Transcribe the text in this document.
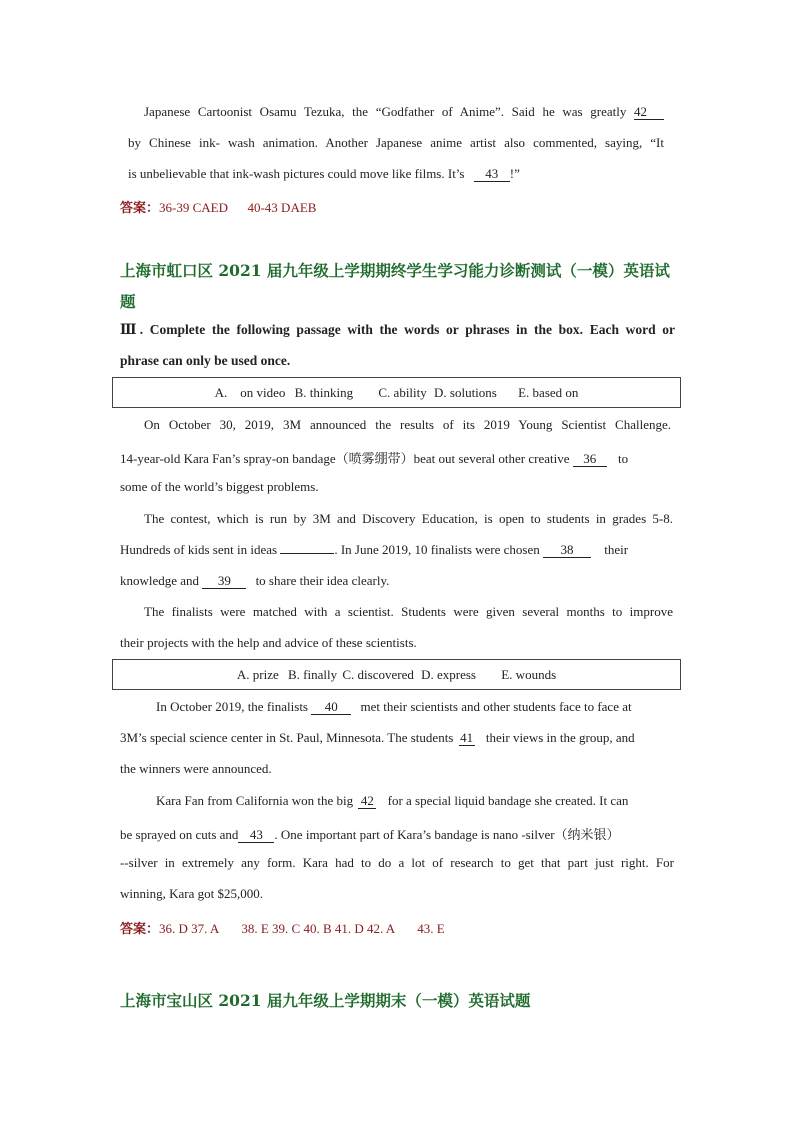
Japanese Cartoonist Osamu Tezuka, the “Godfather of Anime”. Said he was greatly 42
by Chinese ink- wash animation. Another Japanese anime artist also commented, saying, “It
is unbelievable that ink-wash pictures could move like films. It’s 43 !”
答案：36-39 CAED      40-43 DAEB
上海市虹口区 2021 届九年级上学期期终学生学习能力诊断测试（一模）英语试
题
Ⅲ. Complete the following passage with the words or phrases in the box. Each word or
phrase can only be used once.
A.    on video B. thinking C. ability D. solutions E. based on
On October 30, 2019, 3M announced the results of its 2019 Young Scientist Challenge.
14-year-old Kara Fan’s spray-on bandage（喷雾绷带）beat out several other creative 36 to
some of the world’s biggest problems.
The contest, which is run by 3M and Discovery Education, is open to students in grades 5-8.
Hundreds of kids sent in ideas	. In June 2019, 10 finalists were chosen 38 their
knowledge and 39 to share their idea clearly.
The finalists were matched with a scientist. Students were given several months to improve
their projects with the help and advice of these scientists.
A. prize B. finally C. discovered D. express E. wounds
In October 2019, the finalists 40 met their scientists and other students face to face at
3M’s special science center in St. Paul, Minnesota. The students 41 their views in the group, and
the winners were announced.
Kara Fan from California won the big 42 for a special liquid bandage she created. It can
be sprayed on cuts and 43 . One important part of Kara’s bandage is nano -silver（纳米银）
--silver in extremely any form. Kara had to do a lot of research to get that part just right. For
winning, Kara got $25,000.
答案：36. D 37. A       38. E 39. C 40. B 41. D 42. A       43. E
上海市宝山区 2021 届九年级上学期期末（一模）英语试题
